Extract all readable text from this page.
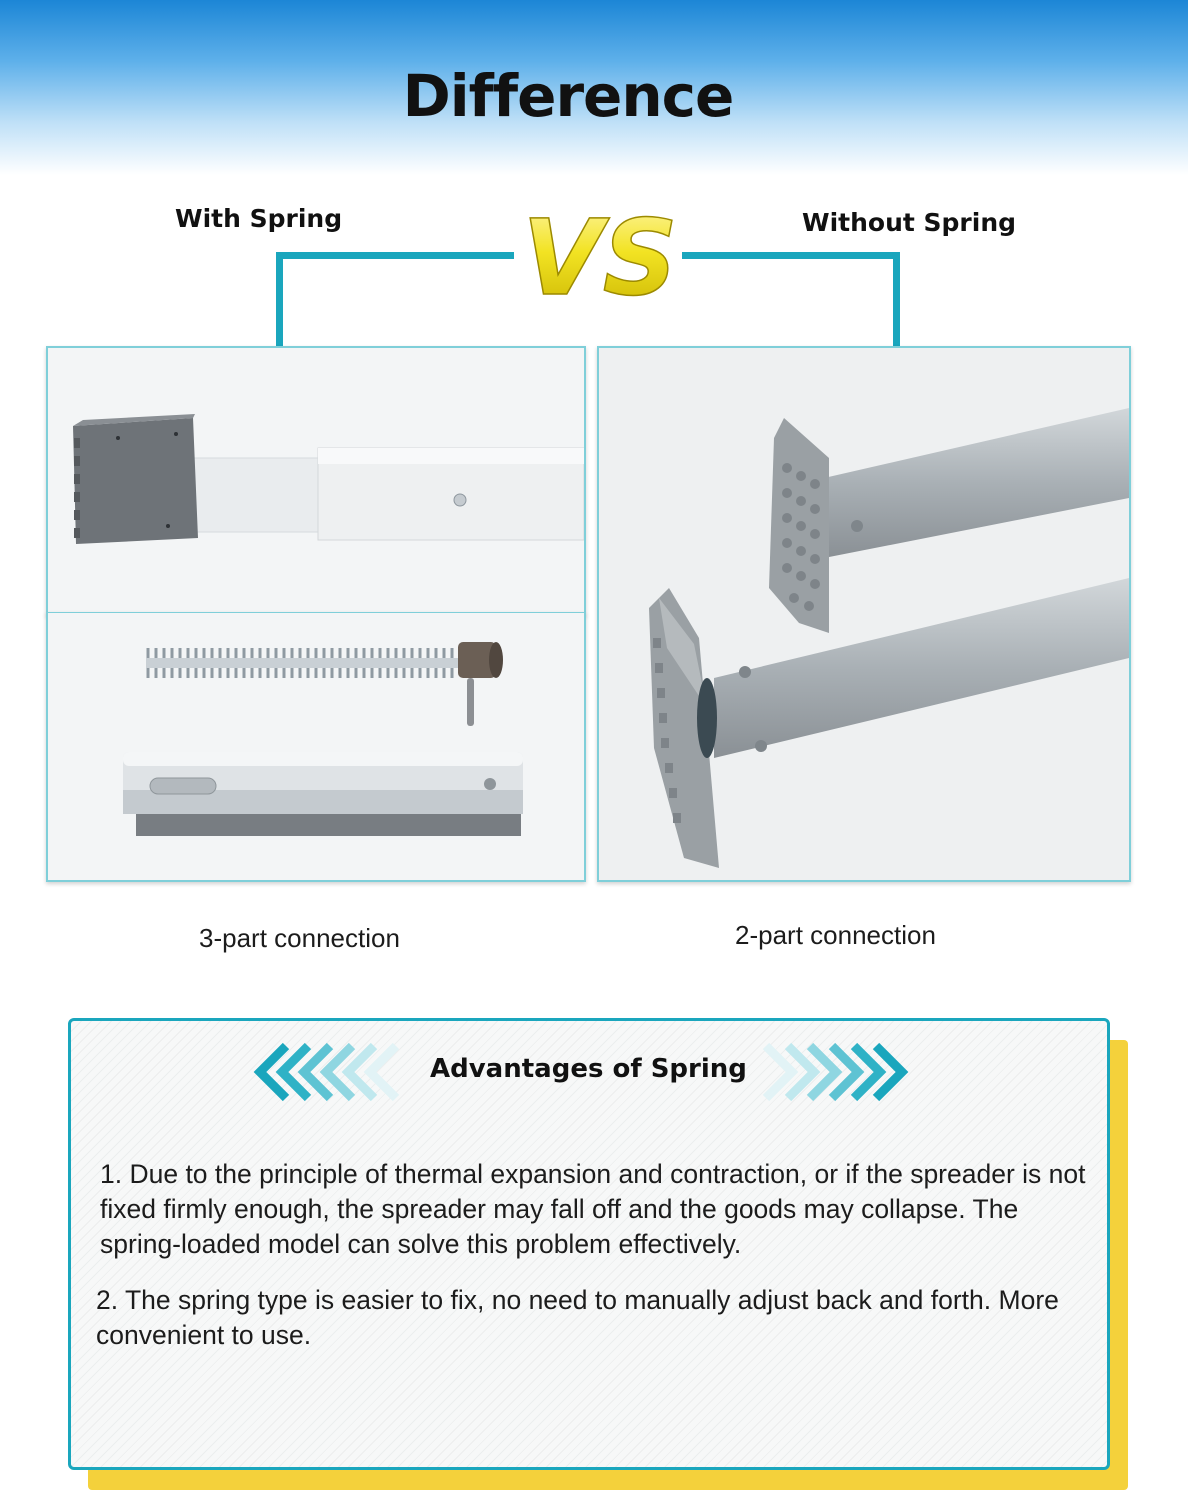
Difference
With Spring	Without Spring
VS
3-part connection	2-part connection
Advantages of Spring
1. Due to the principle of thermal expansion and contraction, or if the spreader is not fixed firmly enough, the spreader may fall off and the goods may collapse. The spring-loaded model can solve this problem effectively.
2. The spring type is easier to fix, no need to manually adjust back and forth. More convenient to use.
